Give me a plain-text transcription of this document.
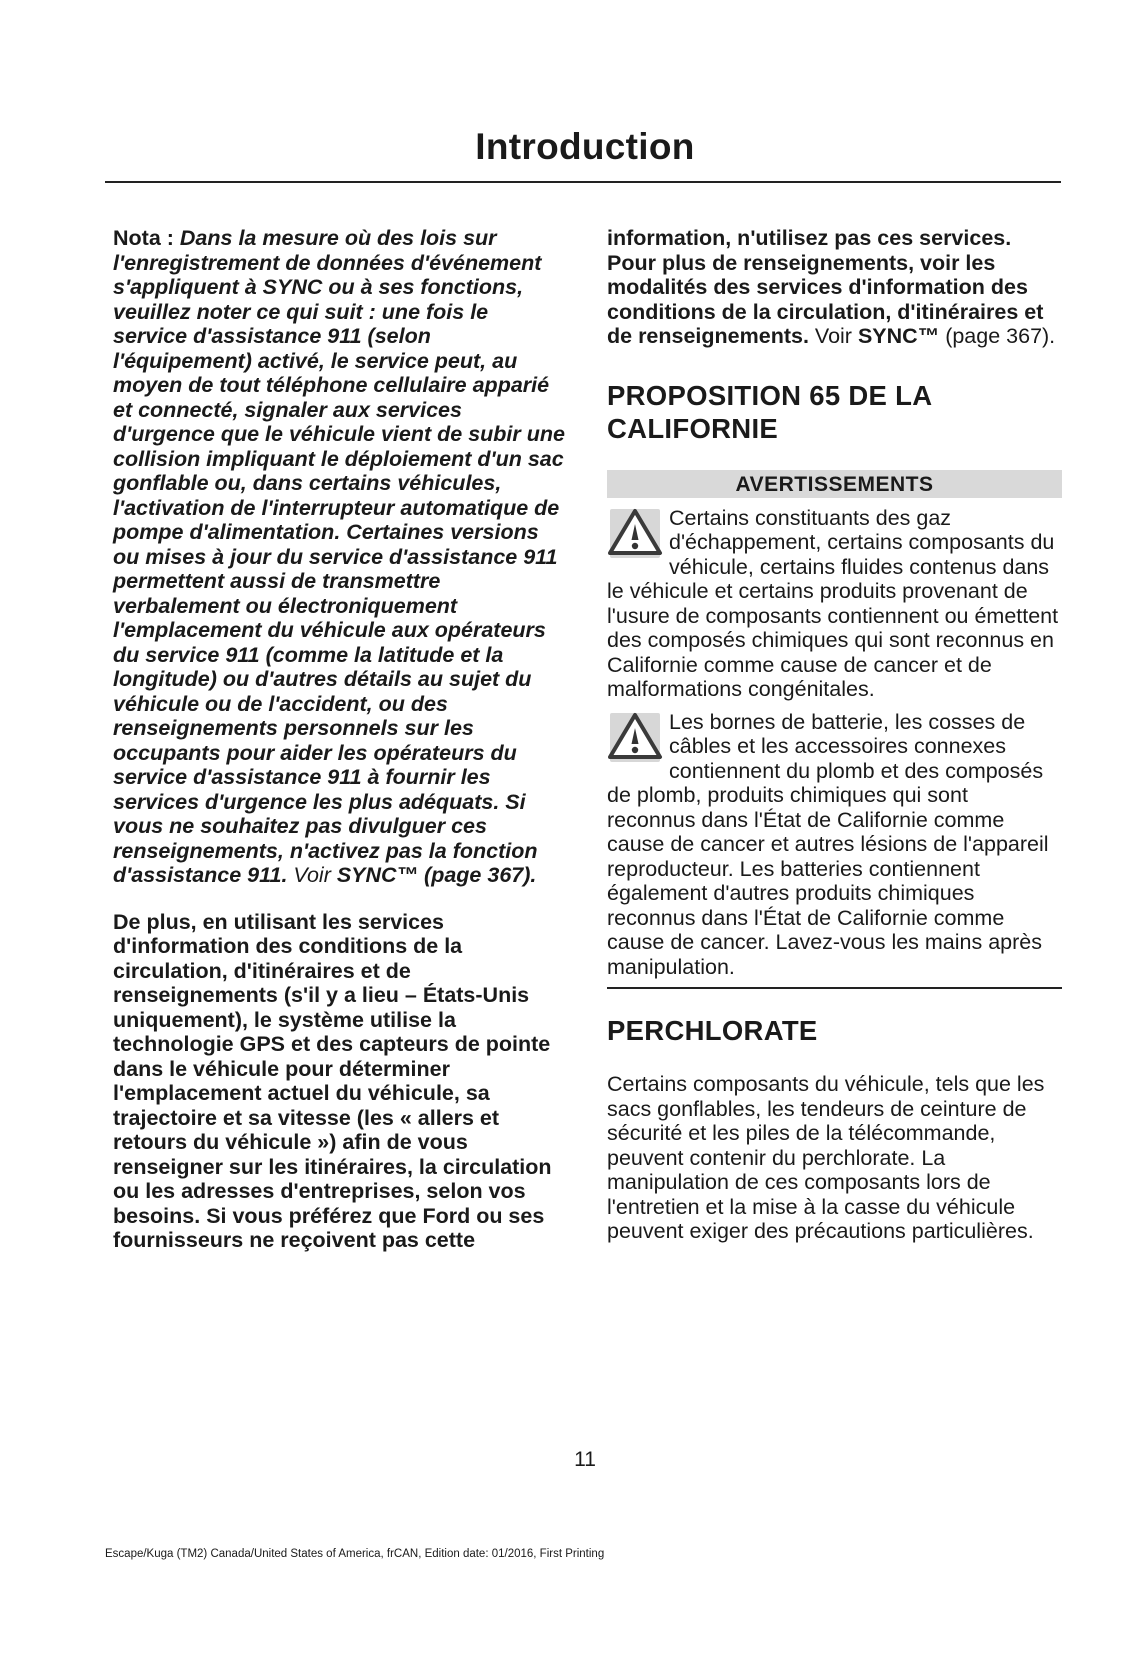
Introduction

Nota : Dans la mesure où des lois sur l'enregistrement de données d'événement s'appliquent à SYNC ou à ses fonctions, veuillez noter ce qui suit : une fois le service d'assistance 911 (selon l'équipement) activé, le service peut, au moyen de tout téléphone cellulaire apparié et connecté, signaler aux services d'urgence que le véhicule vient de subir une collision impliquant le déploiement d'un sac gonflable ou, dans certains véhicules, l'activation de l'interrupteur automatique de pompe d'alimentation. Certaines versions ou mises à jour du service d'assistance 911 permettent aussi de transmettre verbalement ou électroniquement l'emplacement du véhicule aux opérateurs du service 911 (comme la latitude et la longitude) ou d'autres détails au sujet du véhicule ou de l'accident, ou des renseignements personnels sur les occupants pour aider les opérateurs du service d'assistance 911 à fournir les services d'urgence les plus adéquats. Si vous ne souhaitez pas divulguer ces renseignements, n'activez pas la fonction d'assistance 911. Voir SYNC™ (page 367).

De plus, en utilisant les services d'information des conditions de la circulation, d'itinéraires et de renseignements (s'il y a lieu – États-Unis uniquement), le système utilise la technologie GPS et des capteurs de pointe dans le véhicule pour déterminer l'emplacement actuel du véhicule, sa trajectoire et sa vitesse (les « allers et retours du véhicule ») afin de vous renseigner sur les itinéraires, la circulation ou les adresses d'entreprises, selon vos besoins. Si vous préférez que Ford ou ses fournisseurs ne reçoivent pas cette

information, n'utilisez pas ces services. Pour plus de renseignements, voir les modalités des services d'information des conditions de la circulation, d'itinéraires et de renseignements. Voir SYNC™ (page 367).

PROPOSITION 65 DE LA CALIFORNIE
AVERTISSEMENTS
Certains constituants des gaz d'échappement, certains composants du véhicule, certains fluides contenus dans le véhicule et certains produits provenant de l'usure de composants contiennent ou émettent des composés chimiques qui sont reconnus en Californie comme cause de cancer et de malformations congénitales.
Les bornes de batterie, les cosses de câbles et les accessoires connexes contiennent du plomb et des composés de plomb, produits chimiques qui sont reconnus dans l'État de Californie comme cause de cancer et autres lésions de l'appareil reproducteur. Les batteries contiennent également d'autres produits chimiques reconnus dans l'État de Californie comme cause de cancer. Lavez-vous les mains après manipulation.
PERCHLORATE

Certains composants du véhicule, tels que les sacs gonflables, les tendeurs de ceinture de sécurité et les piles de la télécommande, peuvent contenir du perchlorate. La manipulation de ces composants lors de l'entretien et la mise à la casse du véhicule peuvent exiger des précautions particulières.

11
Escape/Kuga (TM2) Canada/United States of America, frCAN, Edition date: 01/2016, First Printing
